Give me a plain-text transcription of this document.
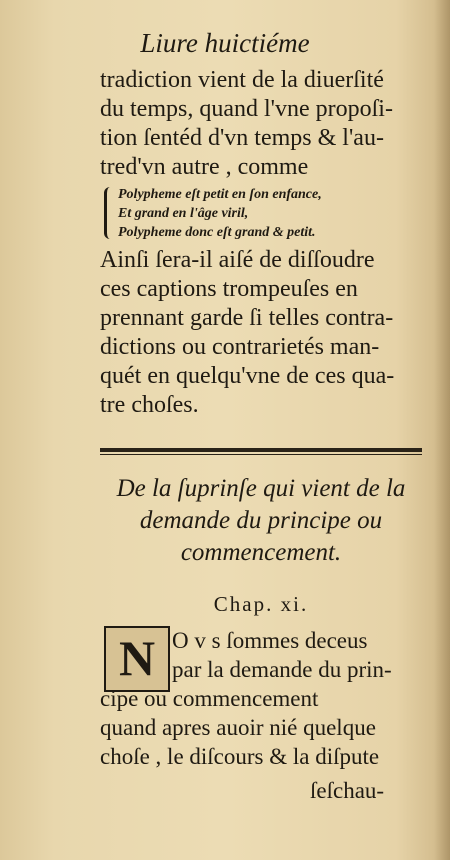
Liure huictiéme
tradiction vient de la diuerſité
du temps, quand l'vne propoſi-
tion ſentéd d'vn temps & l'au-
tred'vn autre , comme
Polypheme eſt petit en ſon enfance,
Et grand en l'âge viril,
Polypheme donc eſt grand & petit.
Ainſi ſera-il aiſé de diſſoudre
ces captions trompeuſes en
prennant garde ſi telles contra-
dictions ou contrarietés man-
quét en quelqu'vne de ces qua-
tre choſes.
De la ſuprinſe qui vient de la
demande du principe ou
commencement.
Chap. xi.
N O v s ſommes deceus
par la demande du prin-
cipe ou commencement
quand apres auoir nié quelque
choſe , le diſcours & la diſpute
ſeſchau-
